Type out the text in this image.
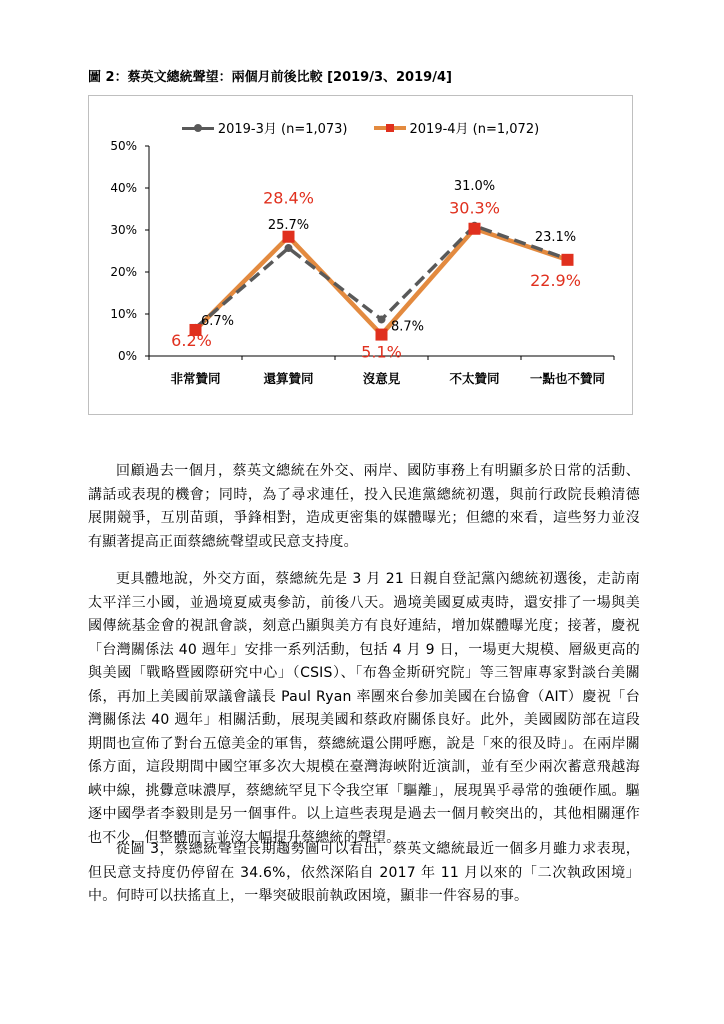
圖 2：蔡英文總統聲望：兩個月前後比較 [2019/3、2019/4]
2019-3月 (n=1,073)	2019-4月 (n=1,072)
0%
10%
20%
30%
40%
50%
非常贊同	還算贊同	沒意見	不太贊同 一點也不贊同
6.7%
25.7%
8.7%
31.0%
23.1%
6.2%
28.4%
5.1%
30.3%
22.9%

回顧過去一個月，蔡英文總統在外交、兩岸、國防事務上有明顯多於日常的活動、講話或表現的機會；同時，為了尋求連任，投入民進黨總統初選，與前行政院長賴清德展開競爭，互別苗頭，爭鋒相對，造成更密集的媒體曝光；但總的來看，這些努力並沒有顯著提高正面蔡總統聲望或民意支持度。

更具體地說，外交方面，蔡總統先是 3 月 21 日親自登記黨內總統初選後，走訪南太平洋三小國，並過境夏威夷參訪，前後八天。過境美國夏威夷時，還安排了一場與美國傳統基金會的視訊會談，刻意凸顯與美方有良好連結，增加媒體曝光度；接著，慶祝「台灣關係法 40 週年」安排一系列活動，包括 4 月 9 日，一場更大規模、層級更高的與美國「戰略暨國際研究中心」（CSIS）、「布魯金斯研究院」等三智庫專家對談台美關係，再加上美國前眾議會議長 Paul Ryan 率團來台參加美國在台協會（AIT）慶祝「台灣關係法 40 週年」相關活動，展現美國和蔡政府關係良好。此外，美國國防部在這段期間也宣佈了對台五億美金的軍售，蔡總統還公開呼應，說是「來的很及時」。在兩岸關係方面，這段期間中國空軍多次大規模在臺灣海峽附近演訓，並有至少兩次蓄意飛越海峽中線，挑釁意味濃厚，蔡總統罕見下令我空軍「驅離」，展現異乎尋常的強硬作風。驅逐中國學者李毅則是另一個事件。以上這些表現是過去一個月較突出的，其他相關運作也不少，但整體而言並沒大幅提升蔡總統的聲望。

從圖 3，蔡總統聲望長期趨勢圖可以看出，蔡英文總統最近一個多月雖力求表現，但民意支持度仍停留在 34.6%，依然深陷自 2017 年 11 月以來的「二次執政困境」中。何時可以扶搖直上，一舉突破眼前執政困境，顯非一件容易的事。
